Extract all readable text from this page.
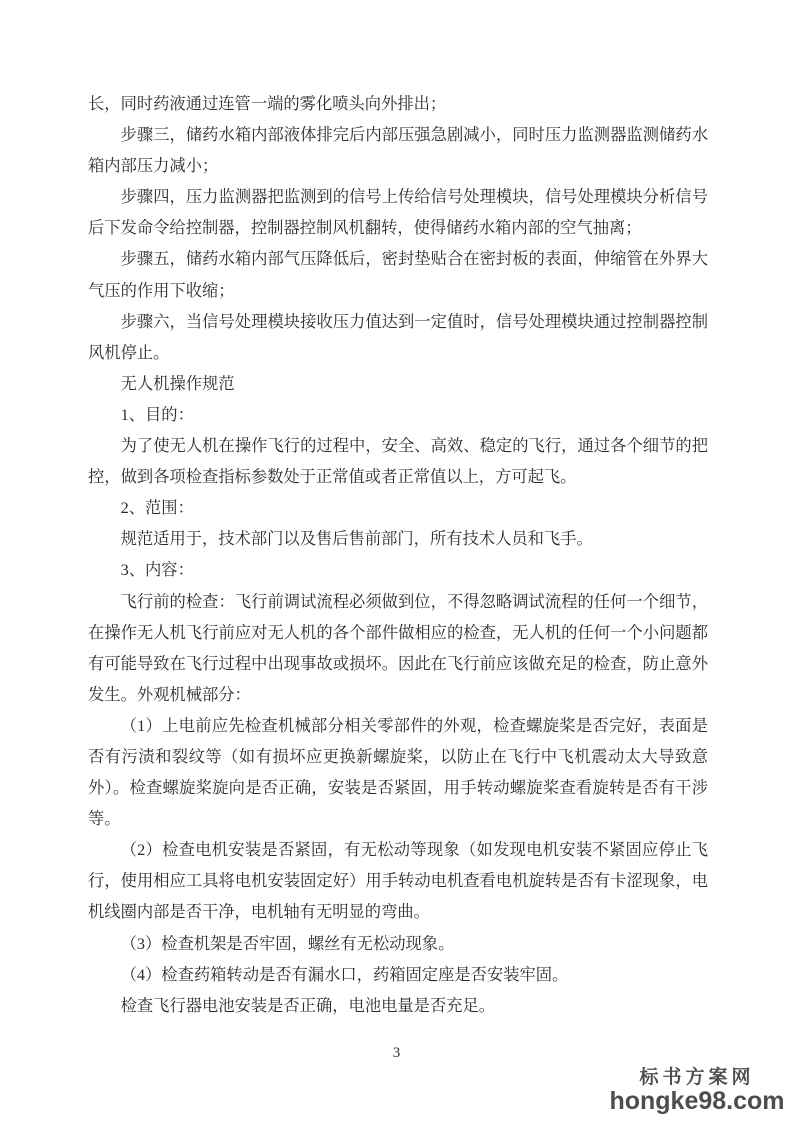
长，同时药液通过连管一端的雾化喷头向外排出；

步骤三，储药水箱内部液体排完后内部压强急剧减小，同时压力监测器监测储药水箱内部压力减小；

步骤四，压力监测器把监测到的信号上传给信号处理模块，信号处理模块分析信号后下发命令给控制器，控制器控制风机翻转，使得储药水箱内部的空气抽离；

步骤五，储药水箱内部气压降低后，密封垫贴合在密封板的表面，伸缩管在外界大气压的作用下收缩；

步骤六，当信号处理模块接收压力值达到一定值时，信号处理模块通过控制器控制风机停止。

无人机操作规范

1、目的：

为了使无人机在操作飞行的过程中，安全、高效、稳定的飞行，通过各个细节的把控，做到各项检查指标参数处于正常值或者正常值以上，方可起飞。

2、范围：

规范适用于，技术部门以及售后售前部门，所有技术人员和飞手。

3、内容：

飞行前的检查：飞行前调试流程必须做到位，不得忽略调试流程的任何一个细节，在操作无人机飞行前应对无人机的各个部件做相应的检查，无人机的任何一个小问题都有可能导致在飞行过程中出现事故或损坏。因此在飞行前应该做充足的检查，防止意外发生。外观机械部分：

（1）上电前应先检查机械部分相关零部件的外观，检查螺旋桨是否完好，表面是否有污渍和裂纹等（如有损坏应更换新螺旋桨，以防止在飞行中飞机震动太大导致意外）。检查螺旋桨旋向是否正确，安装是否紧固，用手转动螺旋桨查看旋转是否有干涉等。

（2）检查电机安装是否紧固，有无松动等现象（如发现电机安装不紧固应停止飞行，使用相应工具将电机安装固定好）用手转动电机查看电机旋转是否有卡涩现象，电机线圈内部是否干净，电机轴有无明显的弯曲。

（3）检查机架是否牢固，螺丝有无松动现象。

（4）检查药箱转动是否有漏水口，药箱固定座是否安装牢固。

检查飞行器电池安装是否正确，电池电量是否充足。

3
标书方案网
hongke98.com
